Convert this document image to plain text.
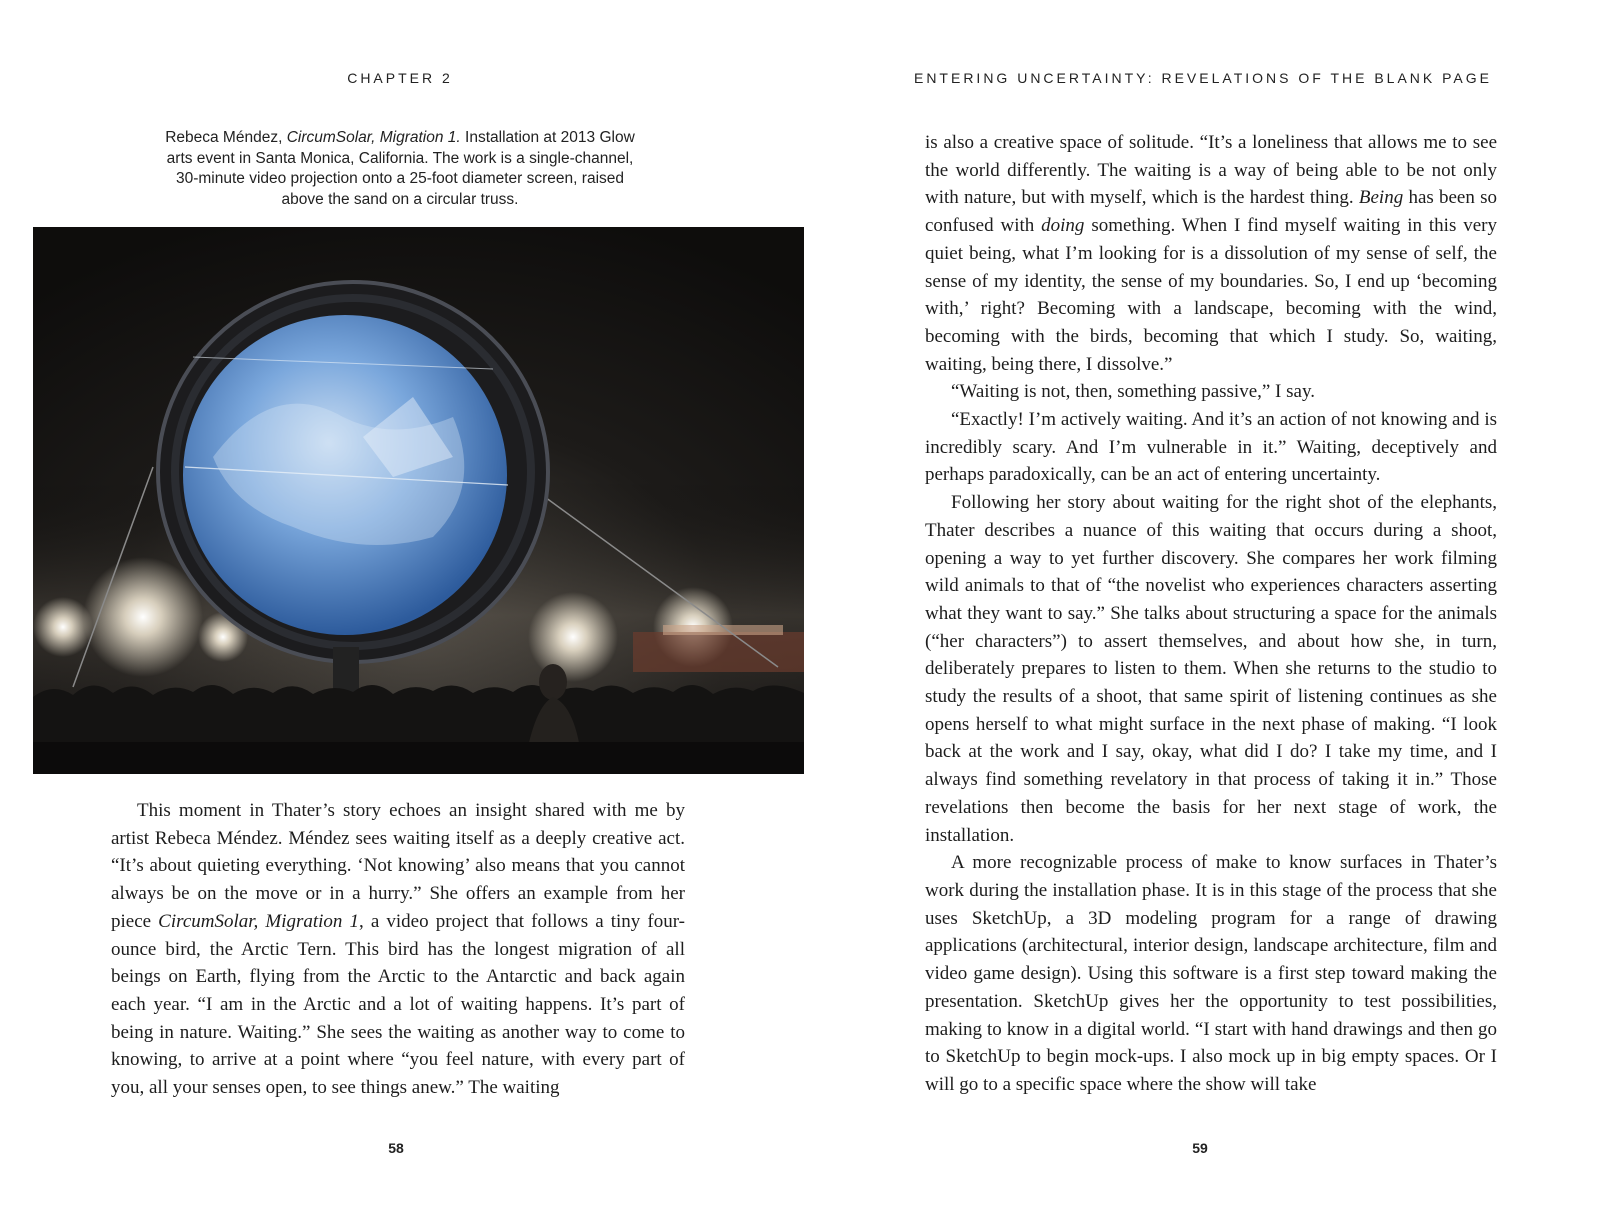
CHAPTER 2
Rebeca Méndez, CircumSolar, Migration 1. Installation at 2013 Glow arts event in Santa Monica, California. The work is a single-channel, 30-minute video projection onto a 25-foot diameter screen, raised above the sand on a circular truss.

This moment in Thater’s story echoes an insight shared with me by artist Rebeca Méndez. Méndez sees waiting itself as a deeply creative act. “It’s about quieting everything. ‘Not knowing’ also means that you cannot always be on the move or in a hurry.” She offers an example from her piece CircumSolar, Migration 1, a video project that follows a tiny four-ounce bird, the Arctic Tern. This bird has the longest migration of all beings on Earth, flying from the Arctic to the Antarctic and back again each year. “I am in the Arctic and a lot of waiting happens. It’s part of being in nature. Waiting.” She sees the waiting as another way to come to knowing, to arrive at a point where “you feel nature, with every part of you, all your senses open, to see things anew.” The waiting

58
ENTERING UNCERTAINTY: REVELATIONS OF THE BLANK PAGE

is also a creative space of solitude. “It’s a loneliness that allows me to see the world differently. The waiting is a way of being able to be not only with nature, but with myself, which is the hardest thing. Being has been so confused with doing something. When I find myself waiting in this very quiet being, what I’m looking for is a dissolution of my sense of self, the sense of my identity, the sense of my boundaries. So, I end up ‘becoming with,’ right? Becoming with a landscape, becoming with the wind, becoming with the birds, becoming that which I study. So, waiting, waiting, being there, I dissolve.”

“Waiting is not, then, something passive,” I say.

“Exactly! I’m actively waiting. And it’s an action of not knowing and is incredibly scary. And I’m vulnerable in it.” Waiting, deceptively and perhaps paradoxically, can be an act of entering uncertainty.

Following her story about waiting for the right shot of the elephants, Thater describes a nuance of this waiting that occurs during a shoot, opening a way to yet further discovery. She compares her work filming wild animals to that of “the novelist who experiences characters asserting what they want to say.” She talks about structuring a space for the animals (“her characters”) to assert themselves, and about how she, in turn, deliberately prepares to listen to them. When she returns to the studio to study the results of a shoot, that same spirit of listening continues as she opens herself to what might surface in the next phase of making. “I look back at the work and I say, okay, what did I do? I take my time, and I always find something revelatory in that process of taking it in.” Those revelations then become the basis for her next stage of work, the installation.

A more recognizable process of make to know surfaces in Thater’s work during the installation phase. It is in this stage of the process that she uses SketchUp, a 3D modeling program for a range of drawing applications (architectural, interior design, landscape architecture, film and video game design). Using this software is a first step toward making the presentation. SketchUp gives her the opportunity to test possibilities, making to know in a digital world. “I start with hand drawings and then go to SketchUp to begin mock-ups. I also mock up in big empty spaces. Or I will go to a specific space where the show will take

59
